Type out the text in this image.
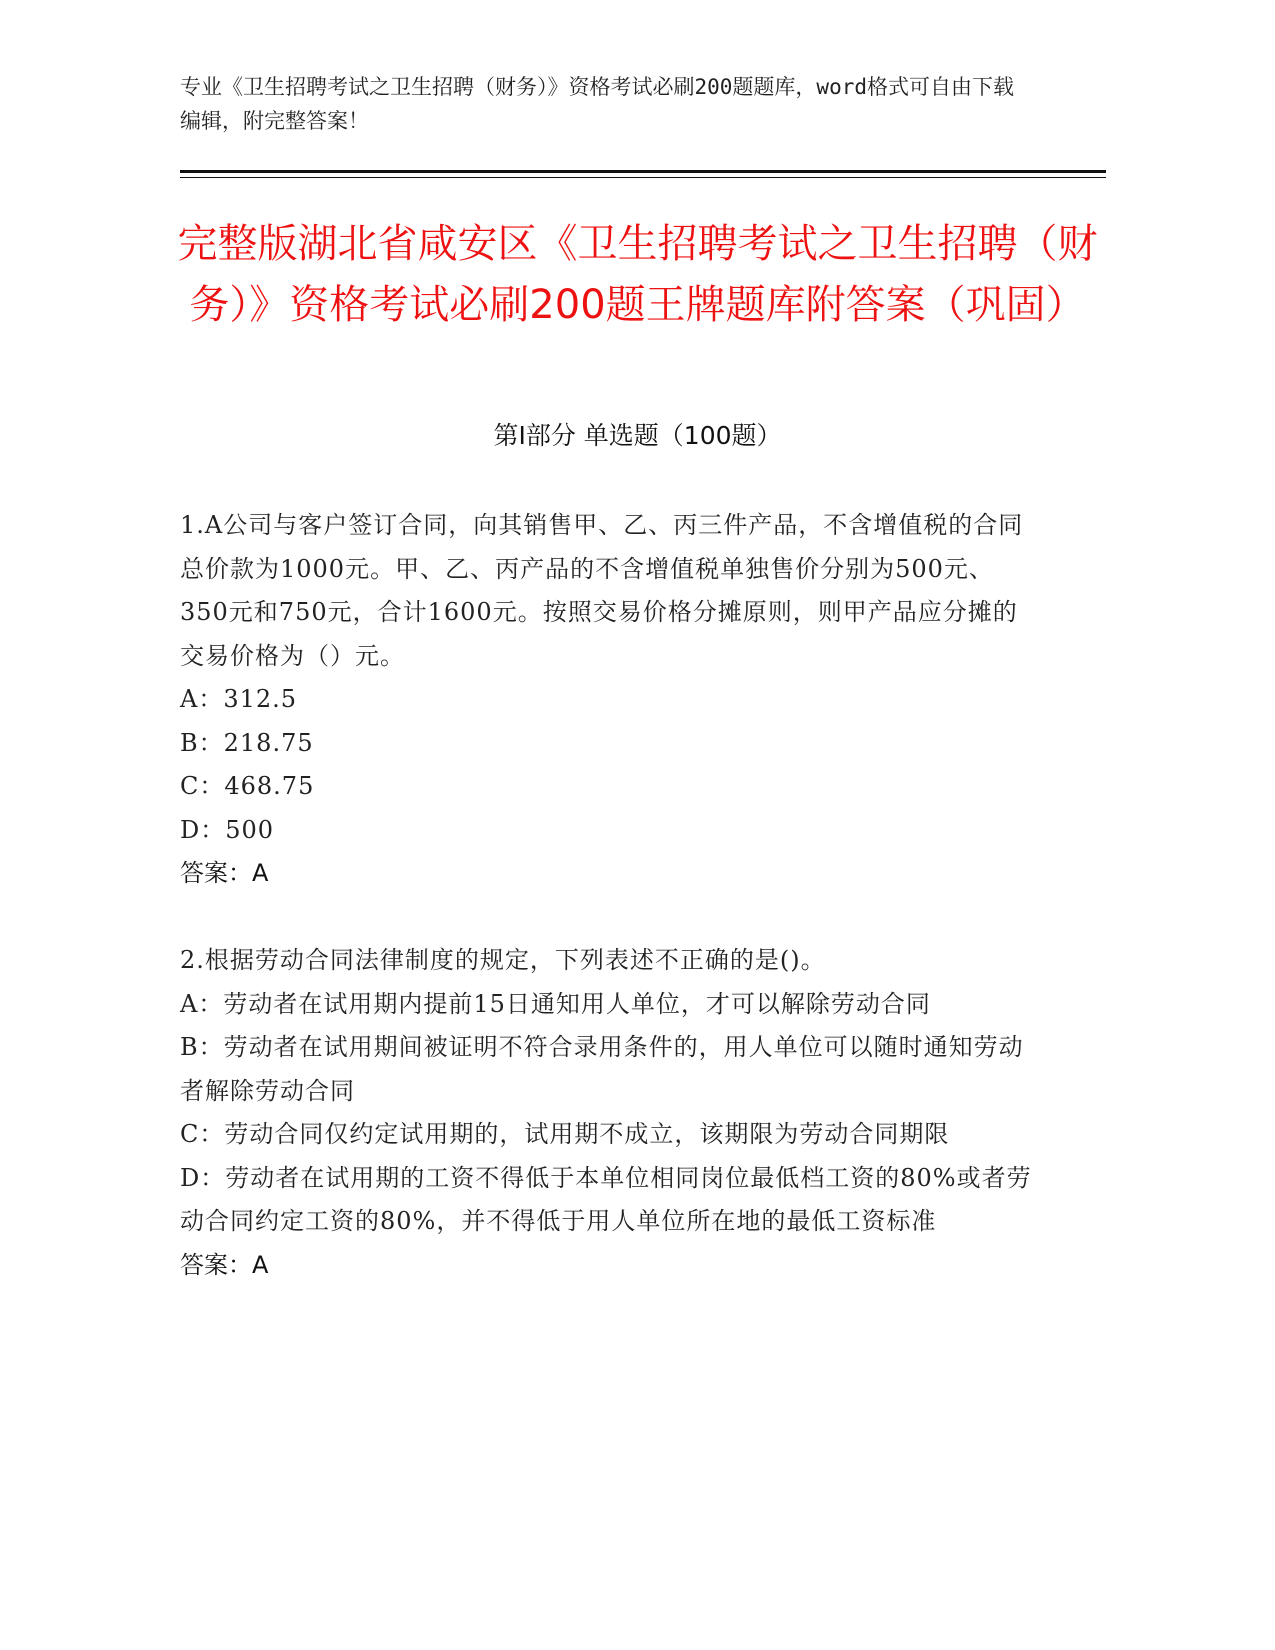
专业《卫生招聘考试之卫生招聘（财务）》资格考试必刷200题题库，word格式可自由下载编辑，附完整答案！
完整版湖北省咸安区《卫生招聘考试之卫生招聘（财务）》资格考试必刷200题王牌题库附答案（巩固）
第I部分 单选题（100题）
1.A公司与客户签订合同，向其销售甲、乙、丙三件产品，不含增值税的合同总价款为1000元。甲、乙、丙产品的不含增值税单独售价分别为500元、350元和750元，合计1600元。按照交易价格分摊原则，则甲产品应分摊的交易价格为（）元。
A：312.5
B：218.75
C：468.75
D：500
答案：A
2.根据劳动合同法律制度的规定，下列表述不正确的是()。
A：劳动者在试用期内提前15日通知用人单位，才可以解除劳动合同
B：劳动者在试用期间被证明不符合录用条件的，用人单位可以随时通知劳动者解除劳动合同
C：劳动合同仅约定试用期的，试用期不成立，该期限为劳动合同期限
D：劳动者在试用期的工资不得低于本单位相同岗位最低档工资的80%或者劳动合同约定工资的80%，并不得低于用人单位所在地的最低工资标准
答案：A
